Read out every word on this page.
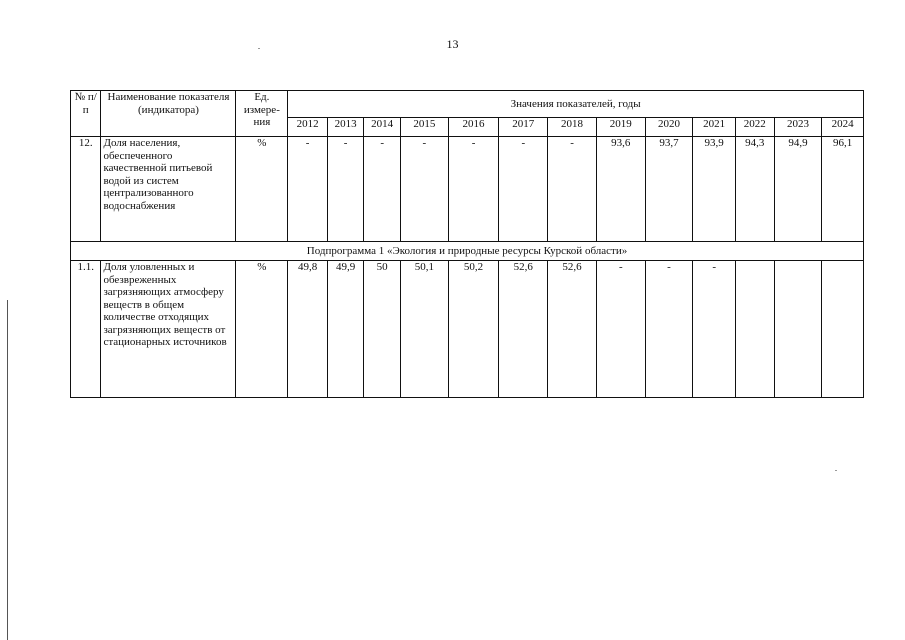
13
№ п/п	Наименование показателя (индикатора)	Ед. измере-ния	Значения показателей, годы												
			2012	2013	2014	2015	2016	2017	2018	2019	2020	2021	2022	2023	2024
12.	Доля населения, обеспеченного качественной питьевой водой из систем централизованного водоснабжения	%	-	-	-	-	-	-	-	93,6	93,7	93,9	94,3	94,9	96,1
Подпрограмма 1 «Экология и природные ресурсы Курской области»															
1.1.	Доля уловленных и обезвреженных загрязняющих атмосферу веществ в общем количестве отходящих загрязняющих веществ от стационарных источников	%	49,8	49,9	50	50,1	50,2	52,6	52,6	-	-	-			
